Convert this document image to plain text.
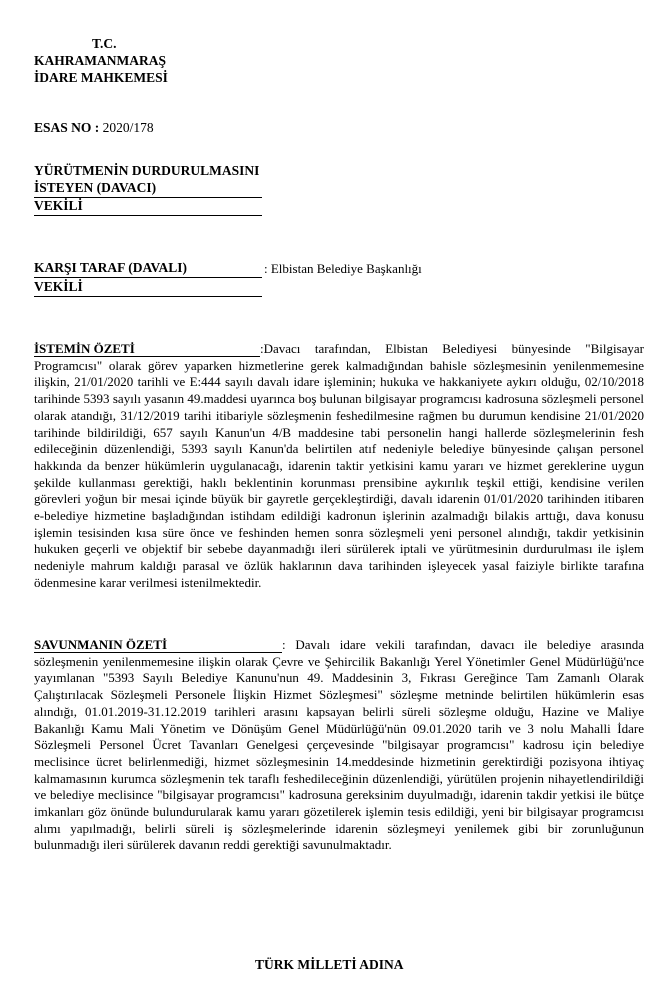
T.C.
KAHRAMANMARAŞ
İDARE MAHKEMESİ
ESAS NO : 2020/178
YÜRÜTMENİN DURDURULMASINI
İSTEYEN (DAVACI)
VEKİLİ
KARŞI TARAF (DAVALI)	: Elbistan Belediye Başkanlığı
VEKİLİ

İSTEMİN ÖZETİ	:Davacı tarafından, Elbistan Belediyesi bünyesinde "Bilgisayar Programcısı" olarak görev yaparken hizmetlerine gerek kalmadığından bahisle sözleşmesinin yenilenmemesine ilişkin, 21/01/2020 tarihli ve E:444 sayılı davalı idare işleminin; hukuka ve hakkaniyete aykırı olduğu, 02/10/2018 tarihinde 5393 sayılı yasanın 49.maddesi uyarınca boş bulunan bilgisayar programcısı kadrosuna sözleşmeli personel olarak atandığı, 31/12/2019 tarihi itibariyle sözleşmenin feshedilmesine rağmen bu durumun kendisine 21/01/2020 tarihinde bildirildiği, 657 sayılı Kanun'un 4/B maddesine tabi personelin hangi hallerde sözleşmelerinin fesh edileceğinin düzenlendiği, 5393 sayılı Kanun'da belirtilen atıf nedeniyle belediye bünyesinde çalışan personel hakkında da benzer hükümlerin uygulanacağı, idarenin taktir yetkisini kamu yararı ve hizmet gereklerine uygun şekilde kullanması gerektiği, haklı beklentinin korunması prensibine aykırılık teşkil ettiği, kendisine verilen görevleri yoğun bir mesai içinde büyük bir gayretle gerçekleştirdiği, davalı idarenin 01/01/2020 tarihinden itibaren e-belediye hizmetine başladığından istihdam edildiği kadronun işlerinin azalmadığı bilakis arttığı, dava konusu işlemin tesisinden kısa süre önce ve feshinden hemen sonra sözleşmeli yeni personel alındığı, takdir yetkisinin hukuken geçerli ve objektif bir sebebe dayanmadığı ileri sürülerek iptali ve yürütmesinin durdurulması ile işlem nedeniyle mahrum kaldığı parasal ve özlük haklarının dava tarihinden işleyecek yasal faiziyle birlikte tarafına ödenmesine karar verilmesi istenilmektedir.

SAVUNMANIN ÖZETİ	: Davalı idare vekili tarafından, davacı ile belediye arasında sözleşmenin yenilenmemesine ilişkin olarak Çevre ve Şehircilik Bakanlığı Yerel Yönetimler Genel Müdürlüğü'nce yayımlanan "5393 Sayılı Belediye Kanunu'nun 49. Maddesinin 3, Fıkrası Gereğince Tam Zamanlı Olarak Çalıştırılacak Sözleşmeli Personele İlişkin Hizmet Sözleşmesi" sözleşme metninde belirtilen hükümlerin esas alındığı, 01.01.2019-31.12.2019 tarihleri arasını kapsayan belirli süreli sözleşme olduğu, Hazine ve Maliye Bakanlığı Kamu Mali Yönetim ve Dönüşüm Genel Müdürlüğü'nün 09.01.2020 tarih ve 3 nolu Mahalli İdare Sözleşmeli Personel Ücret Tavanları Genelgesi çerçevesinde "bilgisayar programcısı" kadrosu için belediye meclisince ücret belirlenmediği, hizmet sözleşmesinin 14.meddesinde hizmetinin gerektirdiği pozisyona ihtiyaç kalmamasının kurumca sözleşmenin tek taraflı feshedileceğinin düzenlendiği, yürütülen projenin nihayetlendirildiği ve belediye meclisince "bilgisayar programcısı" kadrosuna gereksinim duyulmadığı, idarenin takdir yetkisi ile bütçe imkanları göz önünde bulundurularak kamu yararı gözetilerek işlemin tesis edildiği, yeni bir bilgisayar programcısı alımı yapılmadığı, belirli süreli iş sözleşmelerinde idarenin sözleşmeyi yenilemek gibi bir zorunluğunun bulunmadığı ileri sürülerek davanın reddi gerektiği savunulmaktadır.

TÜRK MİLLETİ ADINA
